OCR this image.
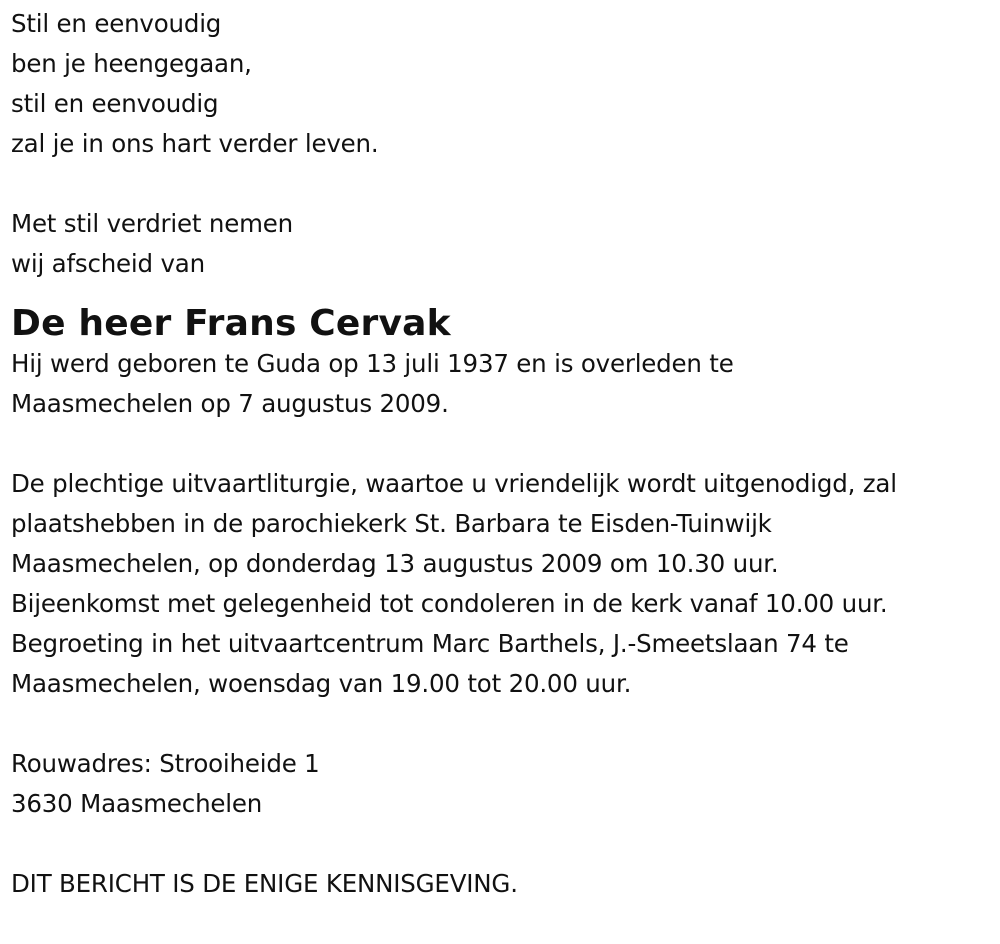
Stil en eenvoudig
ben je heengegaan,
stil en eenvoudig
zal je in ons hart verder leven.
Met stil verdriet nemen
wij afscheid van
De heer Frans Cervak
Hij werd geboren te Guda op 13 juli 1937 en is overleden te
Maasmechelen op 7 augustus 2009.
De plechtige uitvaartliturgie, waartoe u vriendelijk wordt uitgenodigd, zal
plaatshebben in de parochiekerk St. Barbara te Eisden-Tuinwijk
Maasmechelen, op donderdag 13 augustus 2009 om 10.30 uur.
Bijeenkomst met gelegenheid tot condoleren in de kerk vanaf 10.00 uur.
Begroeting in het uitvaartcentrum Marc Barthels, J.-Smeetslaan 74 te
Maasmechelen, woensdag van 19.00 tot 20.00 uur.
Rouwadres: Strooiheide 1
3630 Maasmechelen
DIT BERICHT IS DE ENIGE KENNISGEVING.
